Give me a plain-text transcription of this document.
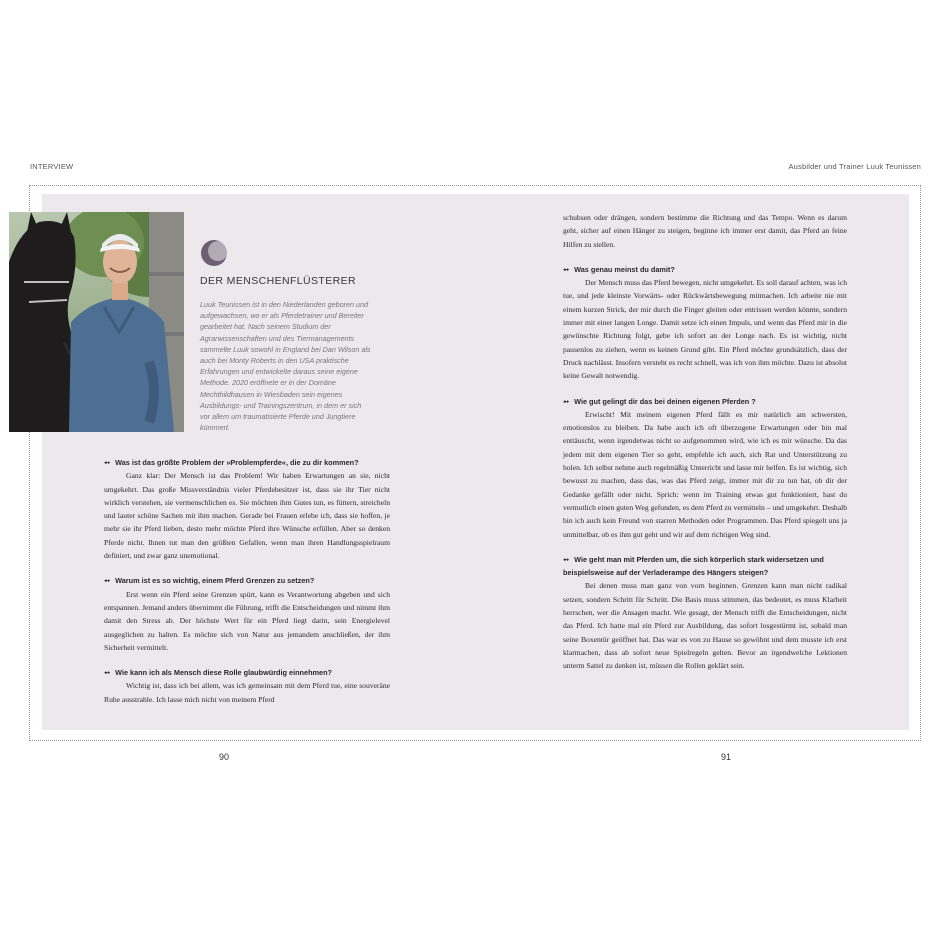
INTERVIEW	Ausbilder und Trainer Luuk Teunissen
DER MENSCHENFLÜSTERER

Luuk Teunissen ist in den Niederlanden geboren und aufgewachsen, wo er als Pferdetrainer und Bereiter gearbeitet hat. Nach seinem Studium der Agrarwissenschaften und des Tiermanagements sammelte Luuk sowohl in England bei Dan Wilson als auch bei Monty Roberts in den USA praktische Erfahrungen und entwickelte daraus seine eigene Methode. 2020 eröffnete er in der Domäne Mechthildhausen in Wiesbaden sein eigenes Ausbildungs- und Trainingszentrum, in dem er sich vor allem um traumatisierte Pferde und Jungtiere kümmert.

➻ Was ist das größte Problem der »Problempferde«, die zu dir kommen?

Ganz klar: Der Mensch ist das Problem! Wir haben Erwartungen an sie, nicht umgekehrt. Das große Missverständnis vieler Pferdebesitzer ist, dass sie ihr Tier nicht wirklich verstehen, sie vermenschlichen es. Sie möchten ihm Gutes tun, es füttern, streicheln und lauter schöne Sachen mit ihm machen. Gerade bei Frauen erlebe ich, dass sie hoffen, je mehr sie ihr Pferd lieben, desto mehr möchte Pferd ihre Wünsche erfüllen. Aber so denken Pferde nicht. Ihnen tut man den größten Gefallen, wenn man ihren Handlungsspielraum definiert, und zwar ganz unemotional.

➻ Warum ist es so wichtig, einem Pferd Grenzen zu setzen?

Erst wenn ein Pferd seine Grenzen spürt, kann es Verantwortung abgeben und sich entspannen. Jemand anders übernimmt die Führung, trifft die Entscheidungen und nimmt ihm damit den Stress ab. Der höchste Wert für ein Pferd liegt darin, sein Energielevel ausgeglichen zu halten. Es möchte sich von Natur aus jemandem anschließen, der ihm Sicherheit vermittelt.

➻ Wie kann ich als Mensch diese Rolle glaubwürdig einnehmen?

Wichtig ist, dass ich bei allem, was ich gemeinsam mit dem Pferd tue, eine souveräne Ruhe ausstrahle. Ich lasse mich nicht von meinem Pferd

schubsen oder drängen, sondern bestimme die Richtung und das Tempo. Wenn es darum geht, sicher auf einen Hänger zu steigen, beginne ich immer erst damit, das Pferd an feine Hilfen zu stellen.

➻ Was genau meinst du damit?

Der Mensch muss das Pferd bewegen, nicht umgekehrt. Es soll darauf achten, was ich tue, und jede kleinste Vorwärts- oder Rückwärtsbewegung mitmachen. Ich arbeite nie mit einem kurzen Strick, der mir durch die Finger gleiten oder entrissen werden könnte, sondern immer mit einer langen Longe. Damit setze ich einen Impuls, und wenn das Pferd mir in die gewünschte Richtung folgt, gebe ich sofort an der Longe nach. Es ist wichtig, nicht pausenlos zu ziehen, wenn es keinen Grund gibt. Ein Pferd möchte grundsätzlich, dass der Druck nachlässt. Insofern versteht es recht schnell, was ich von ihm möchte. Dazu ist absolut keine Gewalt notwendig.

➻ Wie gut gelingt dir das bei deinen eigenen Pferden ?

Erwischt! Mit meinem eigenen Pferd fällt es mir natürlich am schwersten, emotionslos zu bleiben. Da habe auch ich oft überzogene Erwartungen oder bin mal enttäuscht, wenn irgendetwas nicht so aufgenommen wird, wie ich es mir wünsche. Da das jedem mit dem eigenen Tier so geht, empfehle ich auch, sich Rat und Unterstützung zu holen. Ich selbst nehme auch regelmäßig Unterricht und lasse mir helfen. Es ist wichtig, sich bewusst zu machen, dass das, was das Pferd zeigt, immer mit dir zu tun hat, ob dir der Gedanke gefällt oder nicht. Sprich: wenn im Training etwas gut funktioniert, hast du vermutlich einen guten Weg gefunden, es dem Pferd zu vermitteln – und umgekehrt. Deshalb bin ich auch kein Freund von starren Methoden oder Programmen. Das Pferd spiegelt uns ja unmittelbar, ob es ihm gut geht und wir auf dem richtigen Weg sind.

➻ Wie geht man mit Pferden um, die sich körperlich stark widersetzen und beispielsweise auf der Verladerampe des Hängers steigen?

Bei denen muss man ganz von vorn beginnen. Grenzen kann man nicht radikal setzen, sondern Schritt für Schritt. Die Basis muss stimmen, das bedeutet, es muss Klarheit herrschen, wer die Ansagen macht. Wie gesagt, der Mensch trifft die Entscheidungen, nicht das Pferd. Ich hatte mal ein Pferd zur Ausbildung, das sofort losgestürmt ist, sobald man seine Boxentür geöffnet hat. Das war es von zu Hause so gewöhnt und dem musste ich erst klarmachen, dass ab sofort neue Spielregeln gelten. Bevor an irgendwelche Lektionen unterm Sattel zu denken ist, müssen die Rollen geklärt sein.

90	91
